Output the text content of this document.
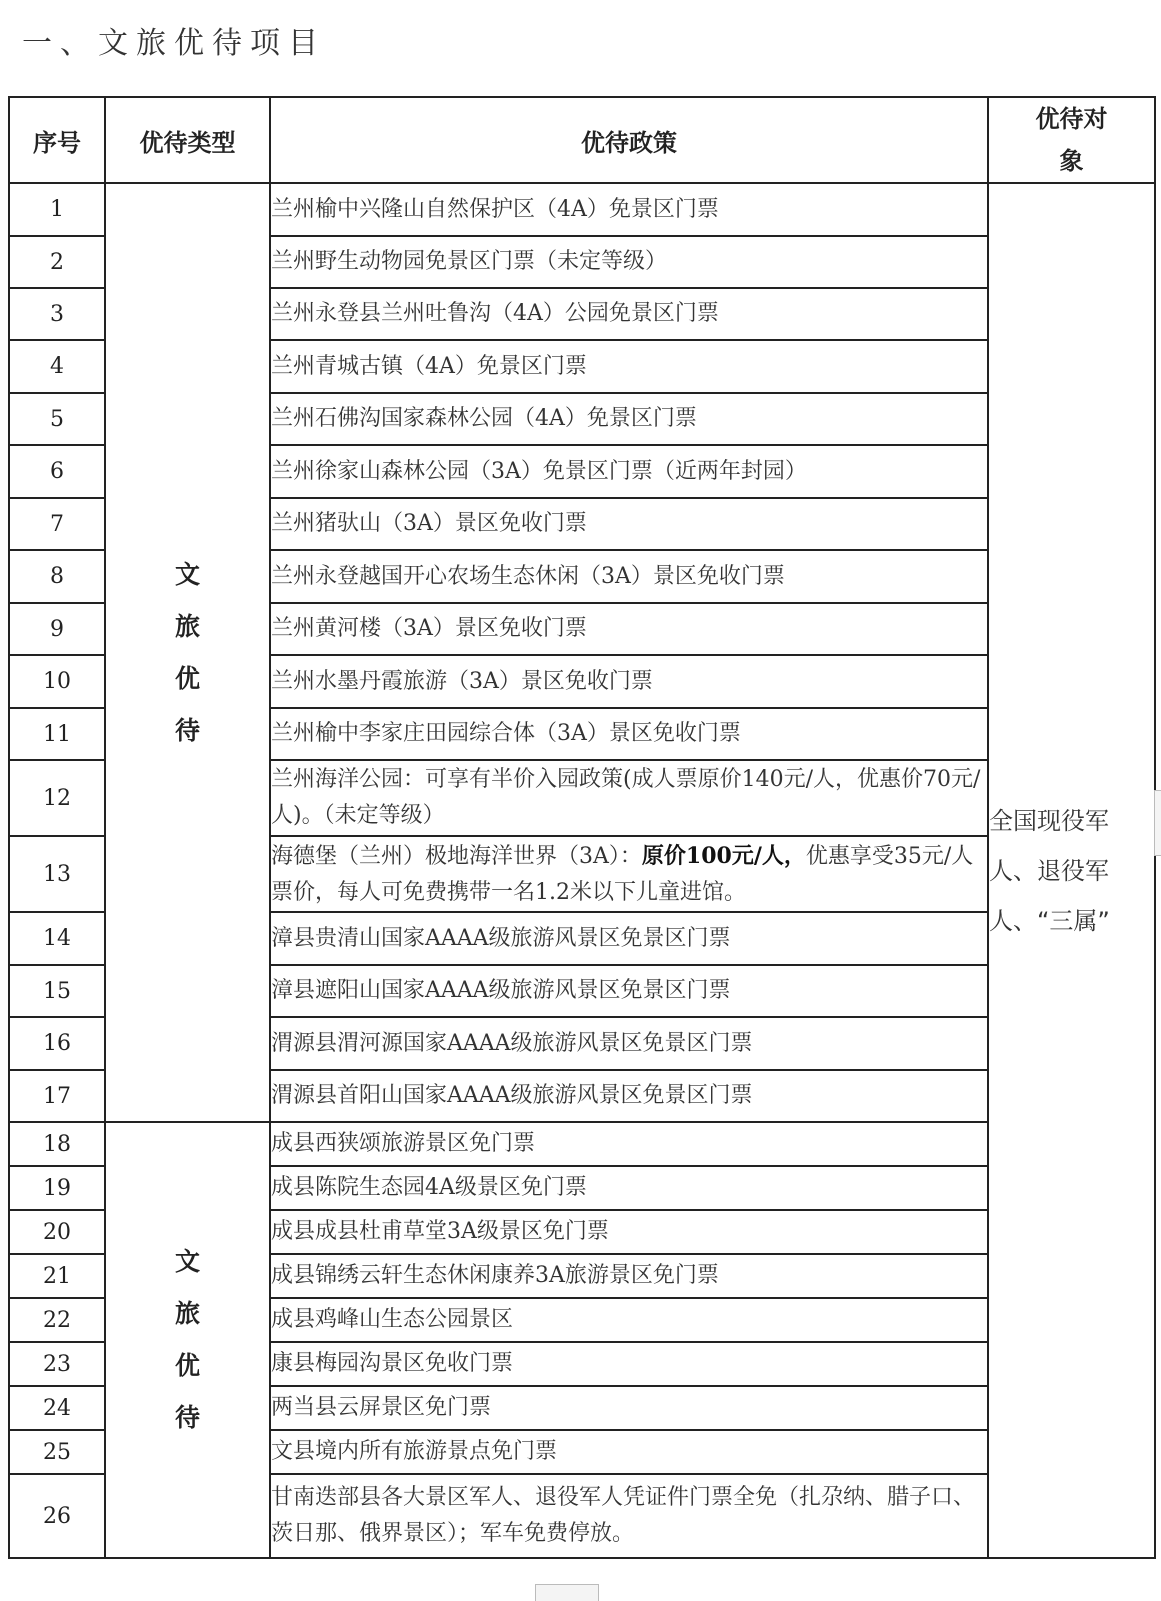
一、文旅优待项目
序号	优待类型	优待政策	优待对象

1	文旅优待	兰州榆中兴隆山自然保护区（4A）免景区门票	全国现役军人、退役军人、“三属”
2		兰州野生动物园免景区门票（未定等级）	
3		兰州永登县兰州吐鲁沟（4A）公园免景区门票	
4		兰州青城古镇（4A）免景区门票	
5		兰州石佛沟国家森林公园（4A）免景区门票	
6		兰州徐家山森林公园（3A）免景区门票（近两年封园）	
7		兰州猪驮山（3A）景区免收门票	
8		兰州永登越国开心农场生态休闲（3A）景区免收门票	
9		兰州黄河楼（3A）景区免收门票	
10		兰州水墨丹霞旅游（3A）景区免收门票	
11		兰州榆中李家庄田园综合体（3A）景区免收门票	
12		兰州海洋公园：可享有半价入园政策(成人票原价140元/人，优惠价70元/人)。（未定等级）	
13		海德堡（兰州）极地海洋世界（3A）：原价100元/人，优惠享受35元/人票价，每人可免费携带一名1.2米以下儿童进馆。	
14		漳县贵清山国家AAAA级旅游风景区免景区门票	
15		漳县遮阳山国家AAAA级旅游风景区免景区门票	
16		渭源县渭河源国家AAAA级旅游风景区免景区门票	
17		渭源县首阳山国家AAAA级旅游风景区免景区门票	
18	文旅优待	成县西狭颂旅游景区免门票	
19		成县陈院生态园4A级景区免门票	
20		成县成县杜甫草堂3A级景区免门票	
21		成县锦绣云轩生态休闲康养3A旅游景区免门票	
22		成县鸡峰山生态公园景区	
23		康县梅园沟景区免收门票	
24		两当县云屏景区免门票	
25		文县境内所有旅游景点免门票	
26		甘南迭部县各大景区军人、退役军人凭证件门票全免（扎尕纳、腊子口、茨日那、俄界景区）；军车免费停放。	
